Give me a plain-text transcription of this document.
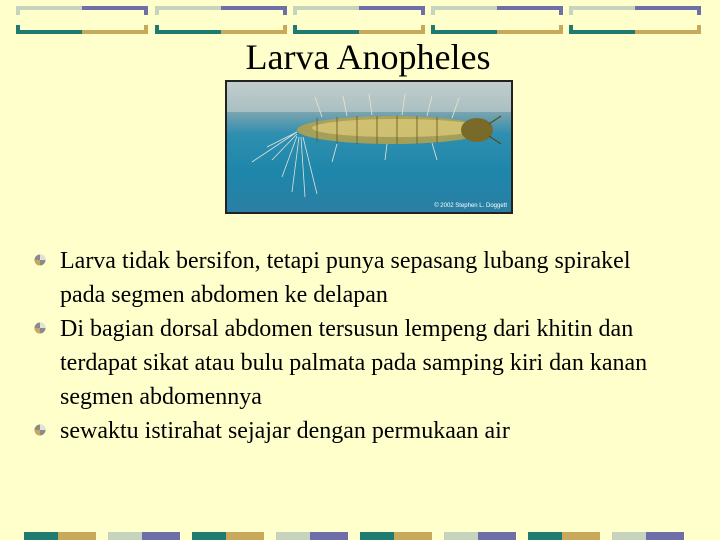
Larva Anopheles
© 2002 Stephen L. Doggett
Larva tidak bersifon, tetapi punya sepasang lubang spirakel pada segmen abdomen ke delapan
Di bagian dorsal abdomen tersusun lempeng dari khitin dan terdapat sikat atau bulu palmata pada samping kiri dan kanan segmen abdomennya
sewaktu istirahat sejajar dengan permukaan air
